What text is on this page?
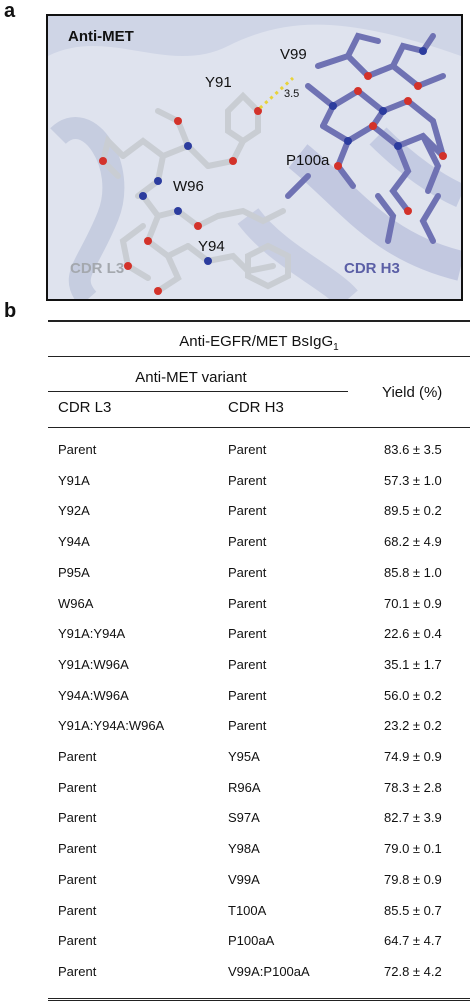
a
Anti-MET
V99
Y91
3.5
P100a
W96
Y94
CDR L3	CDR H3
b
Anti-EGFR/MET BsIgG$_1$
Anti-MET variant
CDR L3	CDR H3
Yield (%)
Parent	Parent	83.6 ± 3.5
Y91A	Parent	57.3 ± 1.0
Y92A	Parent	89.5 ± 0.2
Y94A	Parent	68.2 ± 4.9
P95A	Parent	85.8 ± 1.0
W96A	Parent	70.1 ± 0.9
Y91A:Y94A	Parent	22.6 ± 0.4
Y91A:W96A	Parent	35.1 ± 1.7
Y94A:W96A	Parent	56.0 ± 0.2
Y91A:Y94A:W96A	Parent	23.2 ± 0.2
Parent	Y95A	74.9 ± 0.9
Parent	R96A	78.3 ± 2.8
Parent	S97A	82.7 ± 3.9
Parent	Y98A	79.0 ± 0.1
Parent	V99A	79.8 ± 0.9
Parent	T100A	85.5 ± 0.7
Parent	P100aA	64.7 ± 4.7
Parent	V99A:P100aA	72.8 ± 4.2
